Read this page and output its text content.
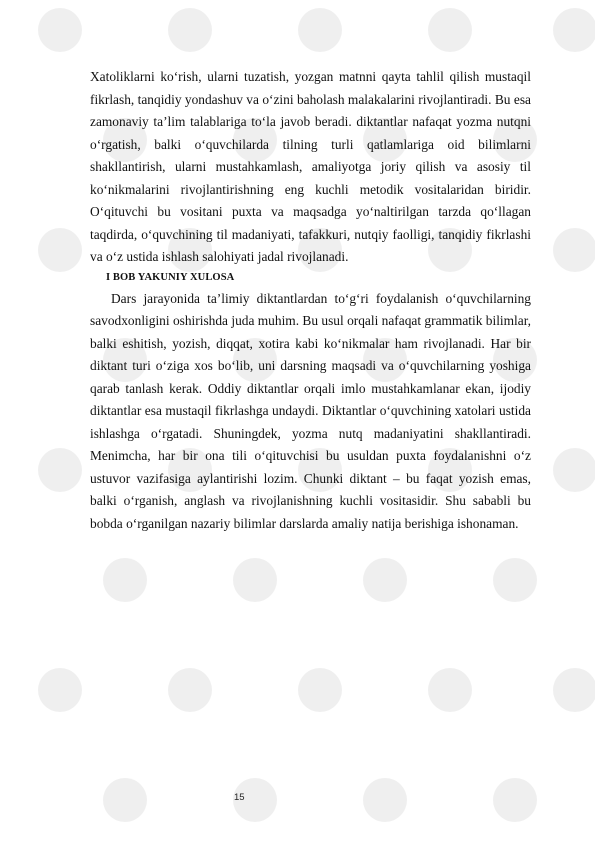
Xatoliklarni ko‘rish, ularni tuzatish, yozgan matnni qayta tahlil qilish mustaqil fikrlash, tanqidiy yondashuv va o‘zini baholash malakalarini rivojlantiradi. Bu esa zamonaviy ta’lim talablariga to‘la javob beradi. diktantlar nafaqat yozma nutqni o‘rgatish, balki o‘quvchilarda tilning turli qatlamlariga oid bilimlarni shakllantirish, ularni mustahkamlash, amaliyotga joriy qilish va asosiy til ko‘nikmalarini rivojlantirishning eng kuchli metodik vositalaridan biridir. O‘qituvchi bu vositani puxta va maqsadga yo‘naltirilgan tarzda qo‘llagan taqdirda, o‘quvchining til madaniyati, tafakkuri, nutqiy faolligi, tanqidiy fikrlashi va o‘z ustida ishlash salohiyati jadal rivojlanadi.

I BOB YAKUNIY XULOSA

Dars jarayonida ta’limiy diktantlardan to‘g‘ri foydalanish o‘quvchilarning savodxonligini oshirishda juda muhim. Bu usul orqali nafaqat grammatik bilimlar, balki eshitish, yozish, diqqat, xotira kabi ko‘nikmalar ham rivojlanadi. Har bir diktant turi o‘ziga xos bo‘lib, uni darsning maqsadi va o‘quvchilarning yoshiga qarab tanlash kerak. Oddiy diktantlar orqali imlo mustahkamlanar ekan, ijodiy diktantlar esa mustaqil fikrlashga undaydi. Diktantlar o‘quvchining xatolari ustida ishlashga o‘rgatadi. Shuningdek, yozma nutq madaniyatini shakllantiradi. Menimcha, har bir ona tili o‘qituvchisi bu usuldan puxta foydalanishni o‘z ustuvor vazifasiga aylantirishi lozim. Chunki diktant – bu faqat yozish emas, balki o‘rganish, anglash va rivojlanishning kuchli vositasidir. Shu sababli bu bobda o‘rganilgan nazariy bilimlar darslarda amaliy natija berishiga ishonaman.

15
